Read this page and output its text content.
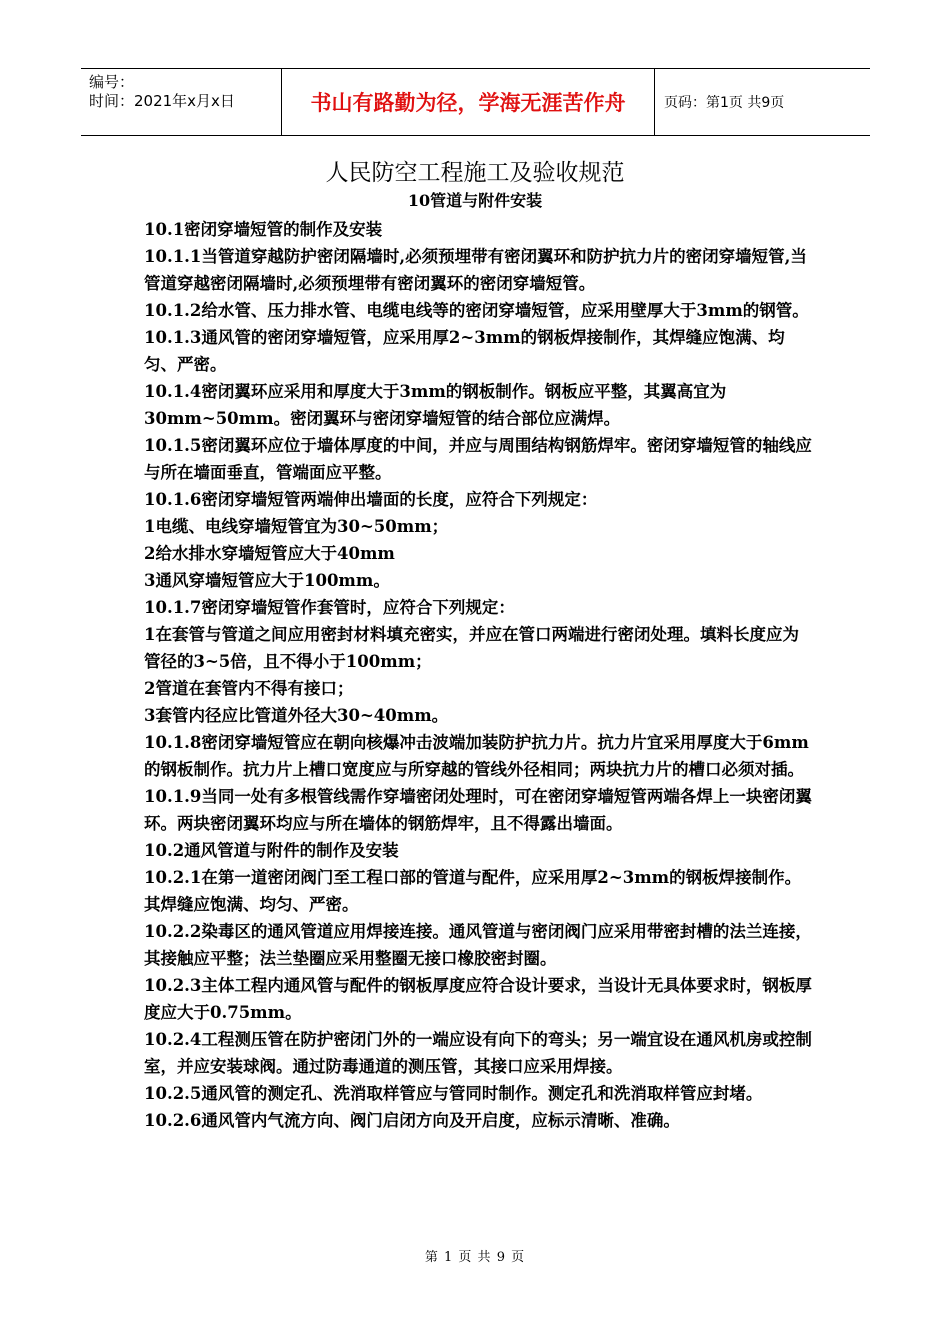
编号：
时间：2021年x月x日	书山有路勤为径，学海无涯苦作舟	页码：第1页 共9页
人民防空工程施工及验收规范
10管道与附件安装

10.1密闭穿墙短管的制作及安装

10.1.1当管道穿越防护密闭隔墙时,必须预埋带有密闭翼环和防护抗力片的密闭穿墙短管,当管道穿越密闭隔墙时,必须预埋带有密闭翼环的密闭穿墙短管。

10.1.2给水管、压力排水管、电缆电线等的密闭穿墙短管，应采用壁厚大于3mm的钢管。

10.1.3通风管的密闭穿墙短管，应采用厚2~3mm的钢板焊接制作，其焊缝应饱满、均匀、严密。

10.1.4密闭翼环应采用和厚度大于3mm的钢板制作。钢板应平整，其翼高宜为30mm~50mm。密闭翼环与密闭穿墙短管的结合部位应满焊。

10.1.5密闭翼环应位于墙体厚度的中间，并应与周围结构钢筋焊牢。密闭穿墙短管的轴线应与所在墙面垂直，管端面应平整。

10.1.6密闭穿墙短管两端伸出墙面的长度，应符合下列规定：

1电缆、电线穿墙短管宜为30~50mm；

2给水排水穿墙短管应大于40mm

3通风穿墙短管应大于100mm。

10.1.7密闭穿墙短管作套管时，应符合下列规定：

1在套管与管道之间应用密封材料填充密实，并应在管口两端进行密闭处理。填料长度应为管径的3~5倍，且不得小于100mm；

2管道在套管内不得有接口；

3套管内径应比管道外径大30~40mm。

10.1.8密闭穿墙短管应在朝向核爆冲击波端加装防护抗力片。抗力片宜采用厚度大于6mm的钢板制作。抗力片上槽口宽度应与所穿越的管线外径相同；两块抗力片的槽口必须对插。

10.1.9当同一处有多根管线需作穿墙密闭处理时，可在密闭穿墙短管两端各焊上一块密闭翼环。两块密闭翼环均应与所在墙体的钢筋焊牢，且不得露出墙面。

10.2通风管道与附件的制作及安装

10.2.1在第一道密闭阀门至工程口部的管道与配件，应采用厚2~3mm的钢板焊接制作。其焊缝应饱满、均匀、严密。

10.2.2染毒区的通风管道应用焊接连接。通风管道与密闭阀门应采用带密封槽的法兰连接，其接触应平整；法兰垫圈应采用整圈无接口橡胶密封圈。

10.2.3主体工程内通风管与配件的钢板厚度应符合设计要求，当设计无具体要求时，钢板厚度应大于0.75mm。

10.2.4工程测压管在防护密闭门外的一端应设有向下的弯头；另一端宜设在通风机房或控制室，并应安装球阀。通过防毒通道的测压管，其接口应采用焊接。

10.2.5通风管的测定孔、洗消取样管应与管同时制作。测定孔和洗消取样管应封堵。

10.2.6通风管内气流方向、阀门启闭方向及开启度，应标示清晰、准确。

第 1 页 共 9 页
